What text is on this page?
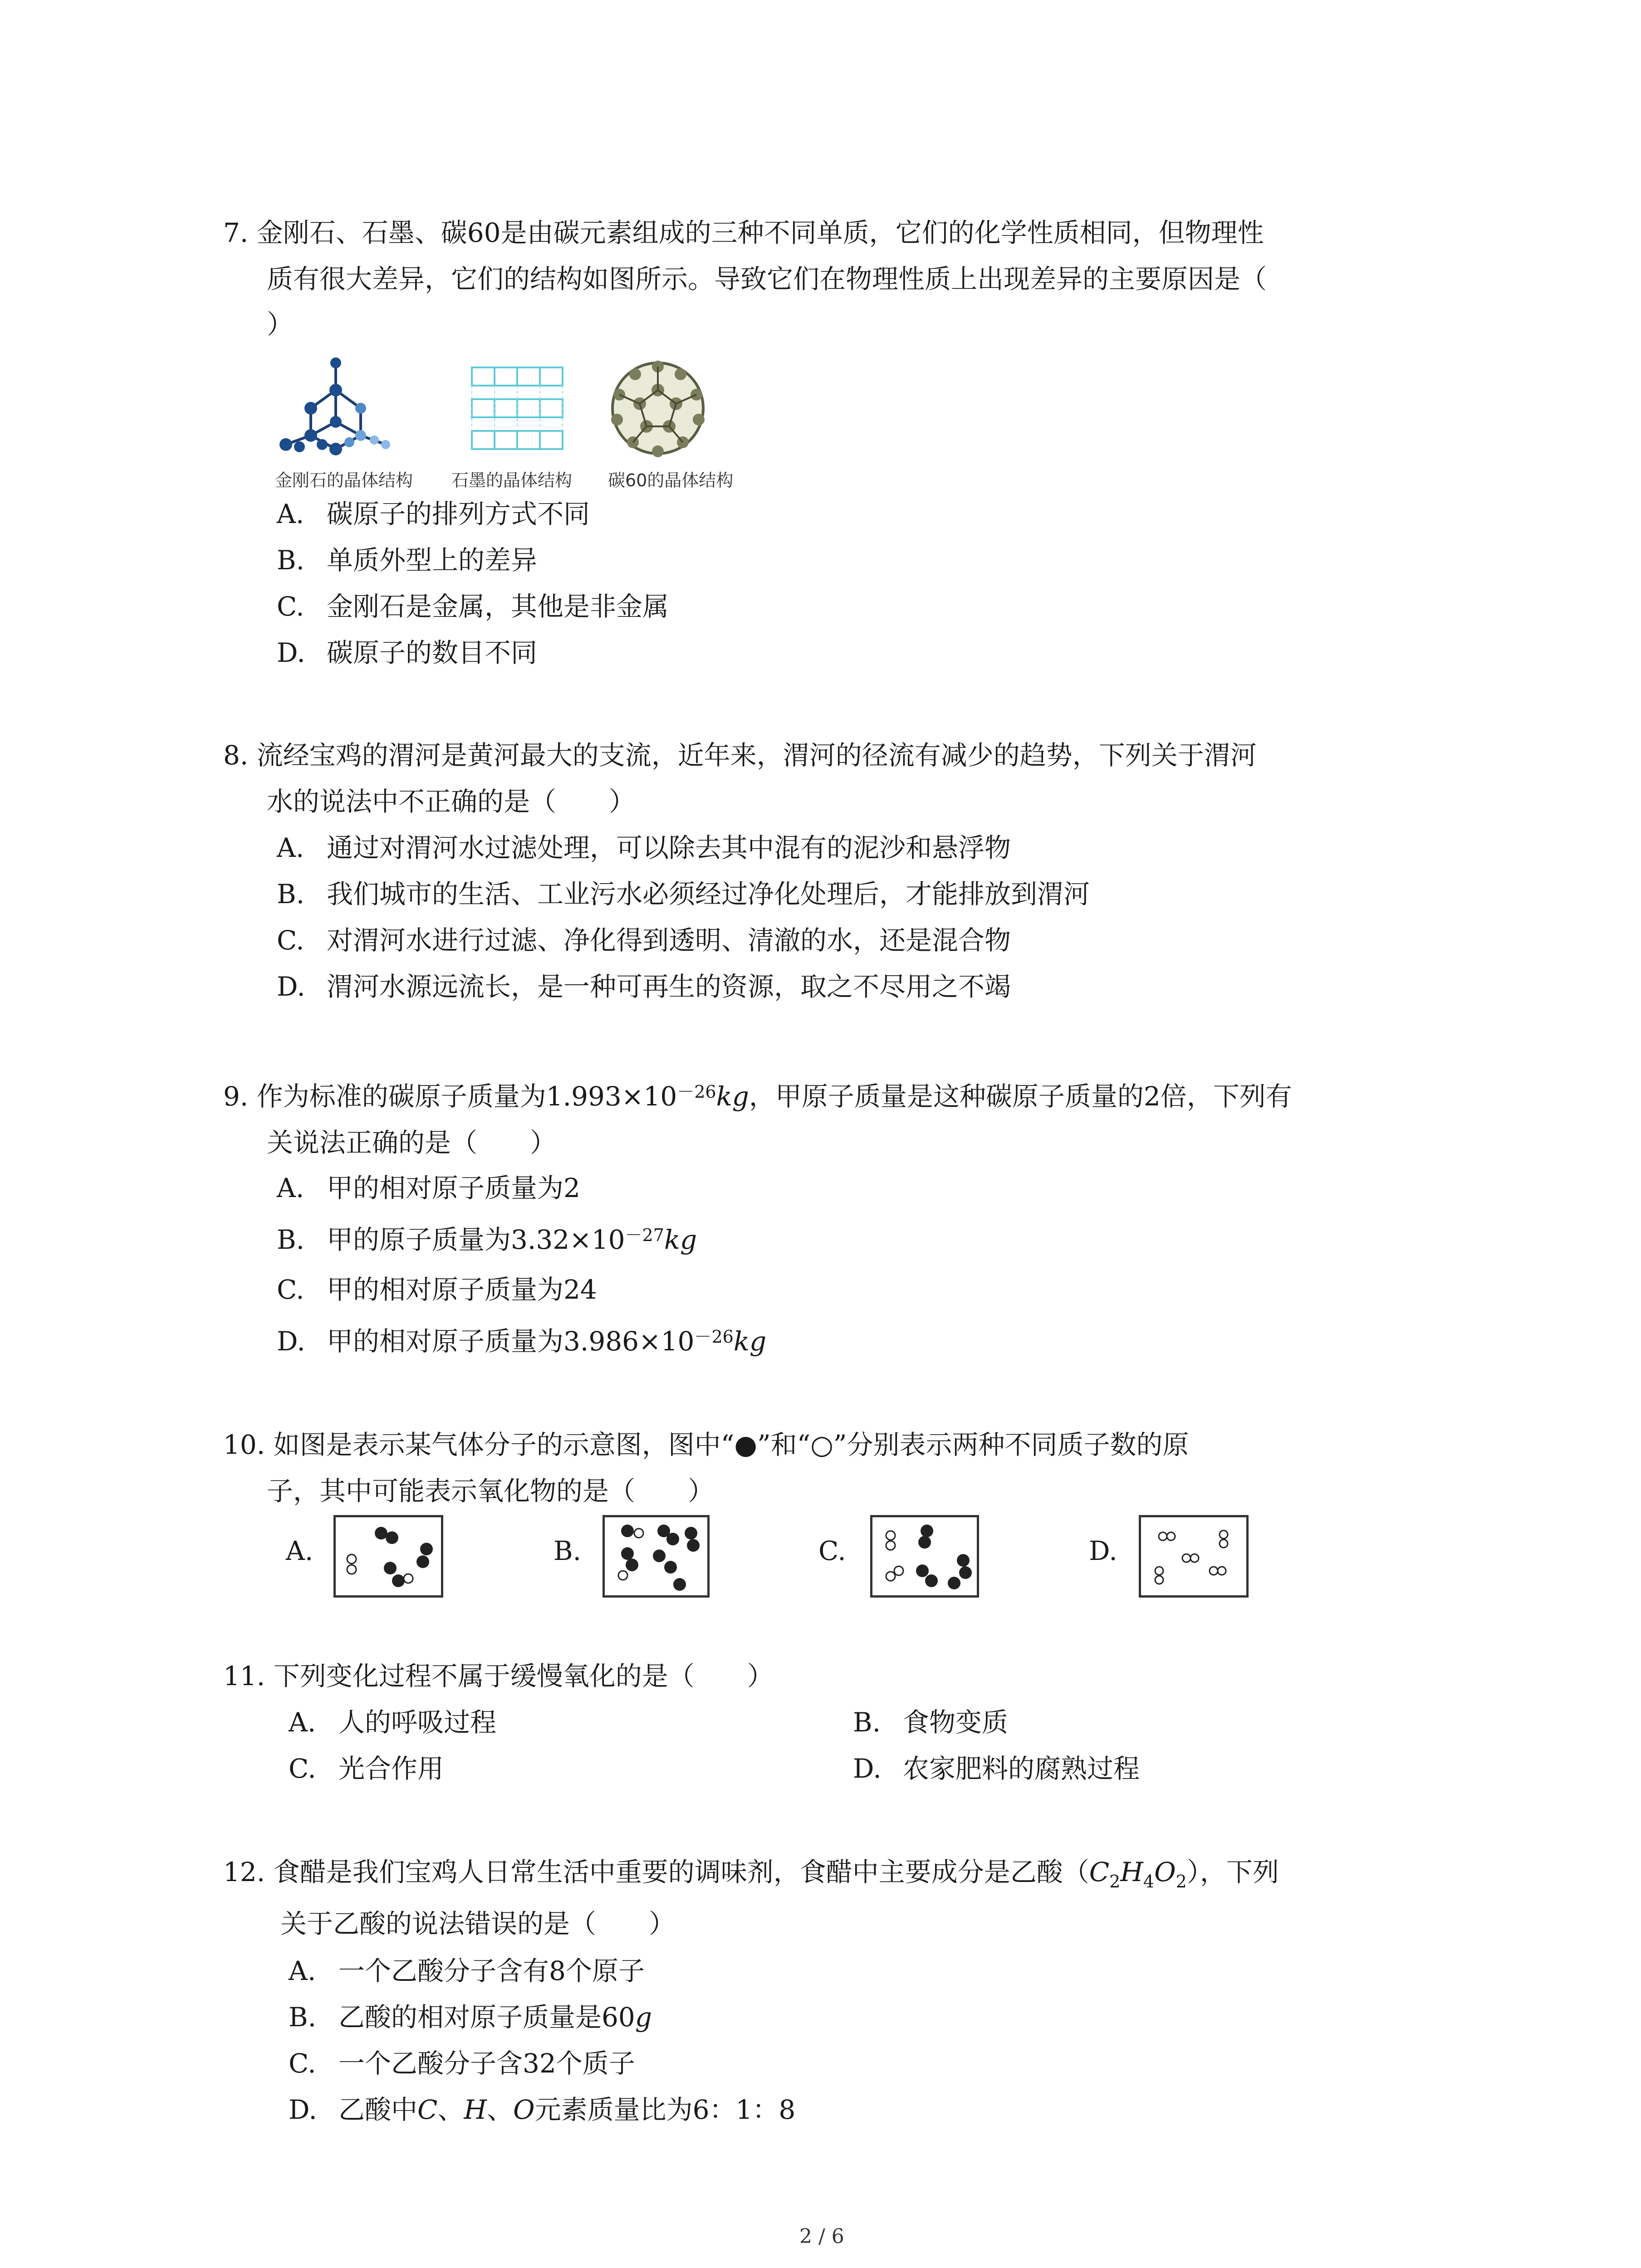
7. 金刚石、石墨、碳60是由碳元素组成的三种不同单质，它们的化学性质相同，但物理性
质有很大差异，它们的结构如图所示。导致它们在物理性质上出现差异的主要原因是（
）
金刚石的晶体结构 石墨的晶体结构 碳60的晶体结构
A. 碳原子的排列方式不同
B. 单质外型上的差异
C. 金刚石是金属，其他是非金属
D. 碳原子的数目不同
8. 流经宝鸡的渭河是黄河最大的支流，近年来，渭河的径流有减少的趋势，下列关于渭河
水的说法中不正确的是（　　）
A. 通过对渭河水过滤处理，可以除去其中混有的泥沙和悬浮物
B. 我们城市的生活、工业污水必须经过净化处理后，才能排放到渭河
C. 对渭河水进行过滤、净化得到透明、清澈的水，还是混合物
D. 渭河水源远流长，是一种可再生的资源，取之不尽用之不竭
9. 作为标准的碳原子质量为$1.993\times 10^{-26}kg$，甲原子质量是这种碳原子质量的2倍，下列有
关说法正确的是（　　）
A. 甲的相对原子质量为2
B. 甲的原子质量为$3.32\times 10^{-27}kg$
C. 甲的相对原子质量为24
D. 甲的相对原子质量为$3.986\times 10^{-26}kg$
10. 如图是表示某气体分子的示意图，图中“●”和“○”分别表示两种不同质子数的原
子，其中可能表示氧化物的是（　　）
A.	B.	C.	D.
11. 下列变化过程不属于缓慢氧化的是（　　）
A. 人的呼吸过程	B. 食物变质
C. 光合作用	D. 农家肥料的腐熟过程
12. 食醋是我们宝鸡人日常生活中重要的调味剂，食醋中主要成分是乙酸$(C_2H_4O_2)$，下列
关于乙酸的说法错误的是（　　）
A. 一个乙酸分子含有8个原子
B. 乙酸的相对原子质量是60g
C. 一个乙酸分子含32个质子
D. 乙酸中C、H、O元素质量比为6：1：8
2 / 6
